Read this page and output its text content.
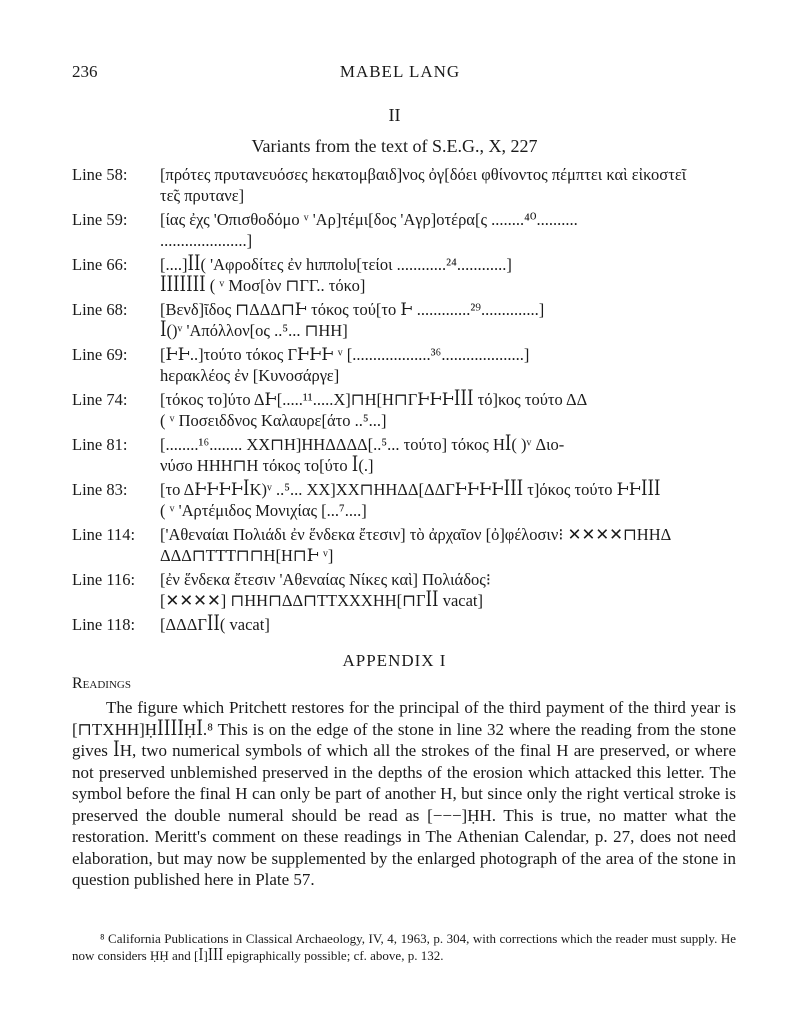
236	MABEL LANG
II
Variants from the text of S.E.G., X, 227
Line 58:	[πρότες πρυτανευόσες hεκατομβαιδ]νος ὀγ[δόει φθίνοντος πέμπτει καὶ εἰκοστεῖ
τε̃ς πρυτανε]
Line 59:	[ίας ἐχς 'Oπισθοδόμο ᵛ 'Aρ]τέμι[δος 'Aγρ]οτέρα[ς ........⁴⁰..........
.....................]
Line 66:	[....]ꟾꟾ( 'Aφροδίτες ἐν hιπποlυ[τείοι ............²⁴............]
ꟾꟾꟾꟾꟾꟾꟾ ( ᵛ Mοσ[ὸν ⊓ΓΓ.. τόκο]
Line 68:	[Bενδ]ῖδος ⊓ΔΔΔ⊓Ͱ τόκος τού[το Ͱ .............²⁹..............]
ꟾ()ᵛ 'Aπόλλον[ος ..⁵... ⊓HH]
Line 69:	[ͰͰ..]τούτο τόκος ΓͰͰͰ ᵛ [...................³⁶....................]
hερακλέος ἐν [Kυνοσάργε]
Line 74:	[τόκος το]ύτο ΔͰ[.....¹¹.....X]⊓H[H⊓ΓͰͰͰꟾꟾꟾ τό]κος τούτο ΔΔ
( ᵛ Ποσειδδνος Kαλαυρε[άτο ..⁵...]
Line 81:	[........¹⁶........ XX⊓H]HHΔΔΔΔ[..⁵... τούτο] τόκος Hꟾ( )ᵛ Διο-
νύσο HHH⊓H τόκος το[ύτο ꟾ(.]
Line 83:	[το ΔͰͰͰͰꟾK)ᵛ ..⁵... XX]XX⊓HHΔΔ[ΔΔΓͰͰͰͰꟾꟾꟾ τ]όκος τούτο ͰͰꟾꟾꟾ
( ᵛ 'Aρτέμιδος Mονιχίας [...⁷....]
Line 114:	['Aθεναίαι Πολιάδι ἐν ἕνδεκα ἔτεσιν] τὸ ἀρχαῖον [ὀ]φέλοσιν⁝ ✕✕✕✕⊓HHΔ
ΔΔΔ⊓TTT⊓⊓H[H⊓Ͱ ᵛ]
Line 116:	[ἐν ἕνδεκα ἔτεσιν 'Aθεναίας Nίκες καὶ] Πολιάδος⁝
[✕✕✕✕] ⊓HH⊓ΔΔ⊓TTXXXHH[⊓Γꟾꟾ vacat]
Line 118:	[ΔΔΔΓꟾꟾ( vacat]
APPENDIX I
Readings

The figure which Pritchett restores for the principal of the third payment of the third year is [⊓TXHH]ḤꟾꟾꟾꟾḤꟾ.⁸ This is on the edge of the stone in line 32 where the reading from the stone gives ꟾH, two numerical symbols of which all the strokes of the final H are preserved, or where not preserved unblemished preserved in the depths of the erosion which attacked this letter. The symbol before the final H can only be part of another H, but since only the right vertical stroke is preserved the double numeral should be read as [−−−]ḤH. This is true, no matter what the restoration. Meritt's comment on these readings in The Athenian Calendar, p. 27, does not need elaboration, but may now be supplemented by the enlarged photograph of the area of the stone in question published here in Plate 57.

⁸ California Publications in Classical Archaeology, IV, 4, 1963, p. 304, with corrections which the reader must supply. He now considers ḤḤ and [ꟾ]ꟾꟾꟾ epigraphically possible; cf. above, p. 132.
